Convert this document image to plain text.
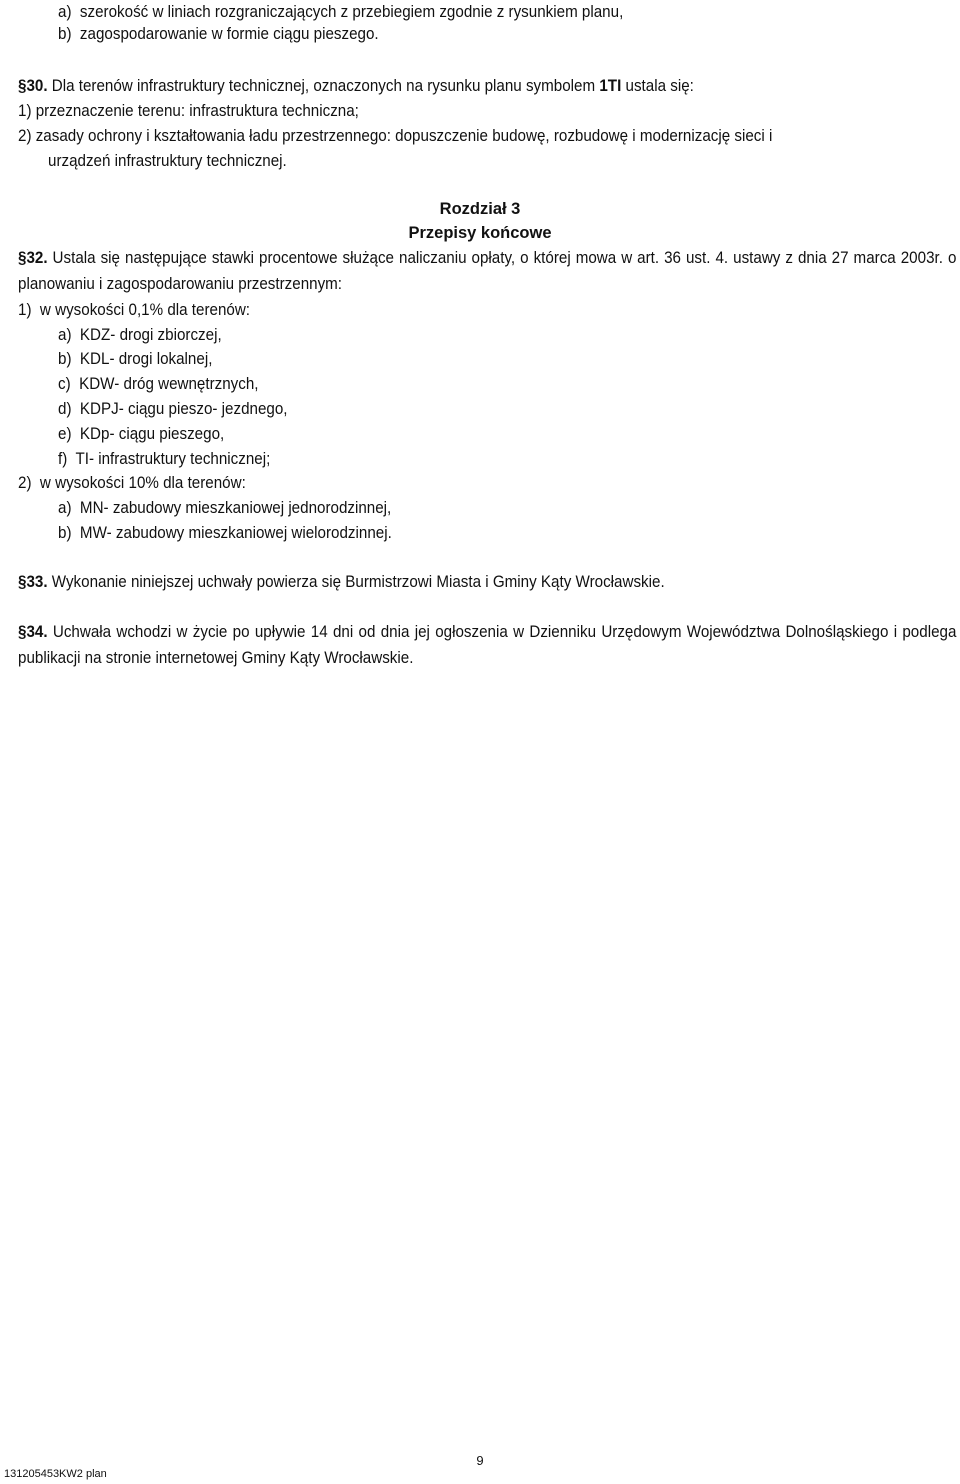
a) szerokość w liniach rozgraniczających z przebiegiem zgodnie z rysunkiem planu,
b) zagospodarowanie w formie ciągu pieszego.
§30. Dla terenów infrastruktury technicznej, oznaczonych na rysunku planu symbolem 1TI ustala się:
1) przeznaczenie terenu: infrastruktura techniczna;
2) zasady ochrony i kształtowania ładu przestrzennego: dopuszczenie budowę, rozbudowę i modernizację sieci i
urządzeń infrastruktury technicznej.
Rozdział 3
Przepisy końcowe
§32. Ustala się następujące stawki procentowe służące naliczaniu opłaty, o której mowa w art. 36 ust. 4. ustawy z dnia 27 marca 2003r. o planowaniu i zagospodarowaniu przestrzennym:
1) w wysokości 0,1% dla terenów:
a) KDZ- drogi zbiorczej,
b) KDL- drogi lokalnej,
c) KDW- dróg wewnętrznych,
d) KDPJ- ciągu pieszo- jezdnego,
e) KDp- ciągu pieszego,
f) TI- infrastruktury technicznej;
2) w wysokości 10% dla terenów:
a) MN- zabudowy mieszkaniowej jednorodzinnej,
b) MW- zabudowy mieszkaniowej wielorodzinnej.
§33. Wykonanie niniejszej uchwały powierza się Burmistrzowi Miasta i Gminy Kąty Wrocławskie.
§34. Uchwała wchodzi w życie po upływie 14 dni od dnia jej ogłoszenia w Dzienniku Urzędowym Województwa Dolnośląskiego i podlega publikacji na stronie internetowej Gminy Kąty Wrocławskie.
9
131205453KW2 plan
